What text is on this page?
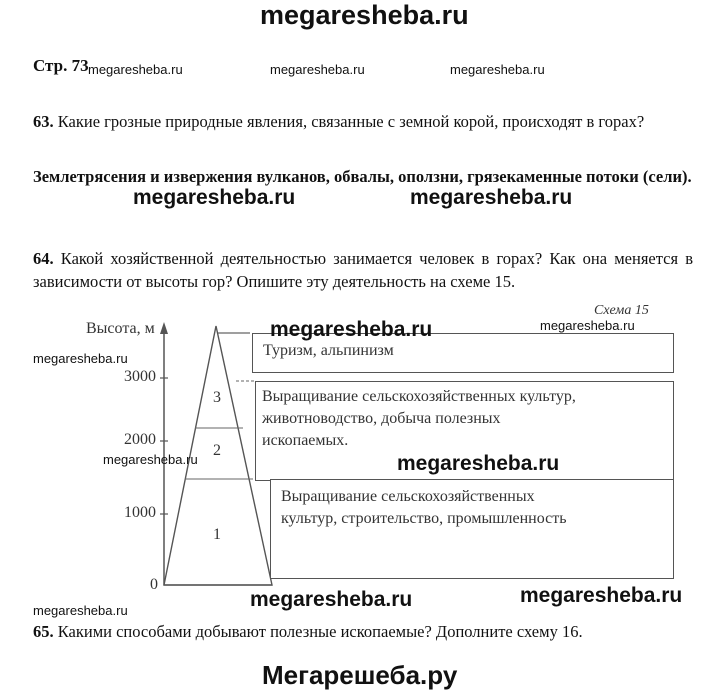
megaresheba.ru
Стр. 73 megaresheba.ru	megaresheba.ru	megaresheba.ru
63. Какие грозные природные явления, связанные с земной корой, происходят в горах?
Землетрясения и извержения вулканов, обвалы, оползни, грязекаменные потоки (сели).
megaresheba.ru	megaresheba.ru
64. Какой хозяйственной деятельностью занимается человек в горах? Как она меняется в зависимости от высоты гор? Опишите эту деятельность на схеме 15.
Высота, м
3000
2000
1000
0
3
2
1
Схема 15
Туризм, альпинизм
Выращивание сельскохозяйственных культур,
животноводство, добыча полезных
ископаемых.
Выращивание сельскохозяйственных
культур, строительство, промышленность
megaresheba.ru	megaresheba.ru
megaresheba.ru
megaresheba.ru	megaresheba.ru
megaresheba.ru	megaresheba.ru
megaresheba.ru
65. Какими способами добывают полезные ископаемые? Дополните схему 16.
Мегарешеба.ру
